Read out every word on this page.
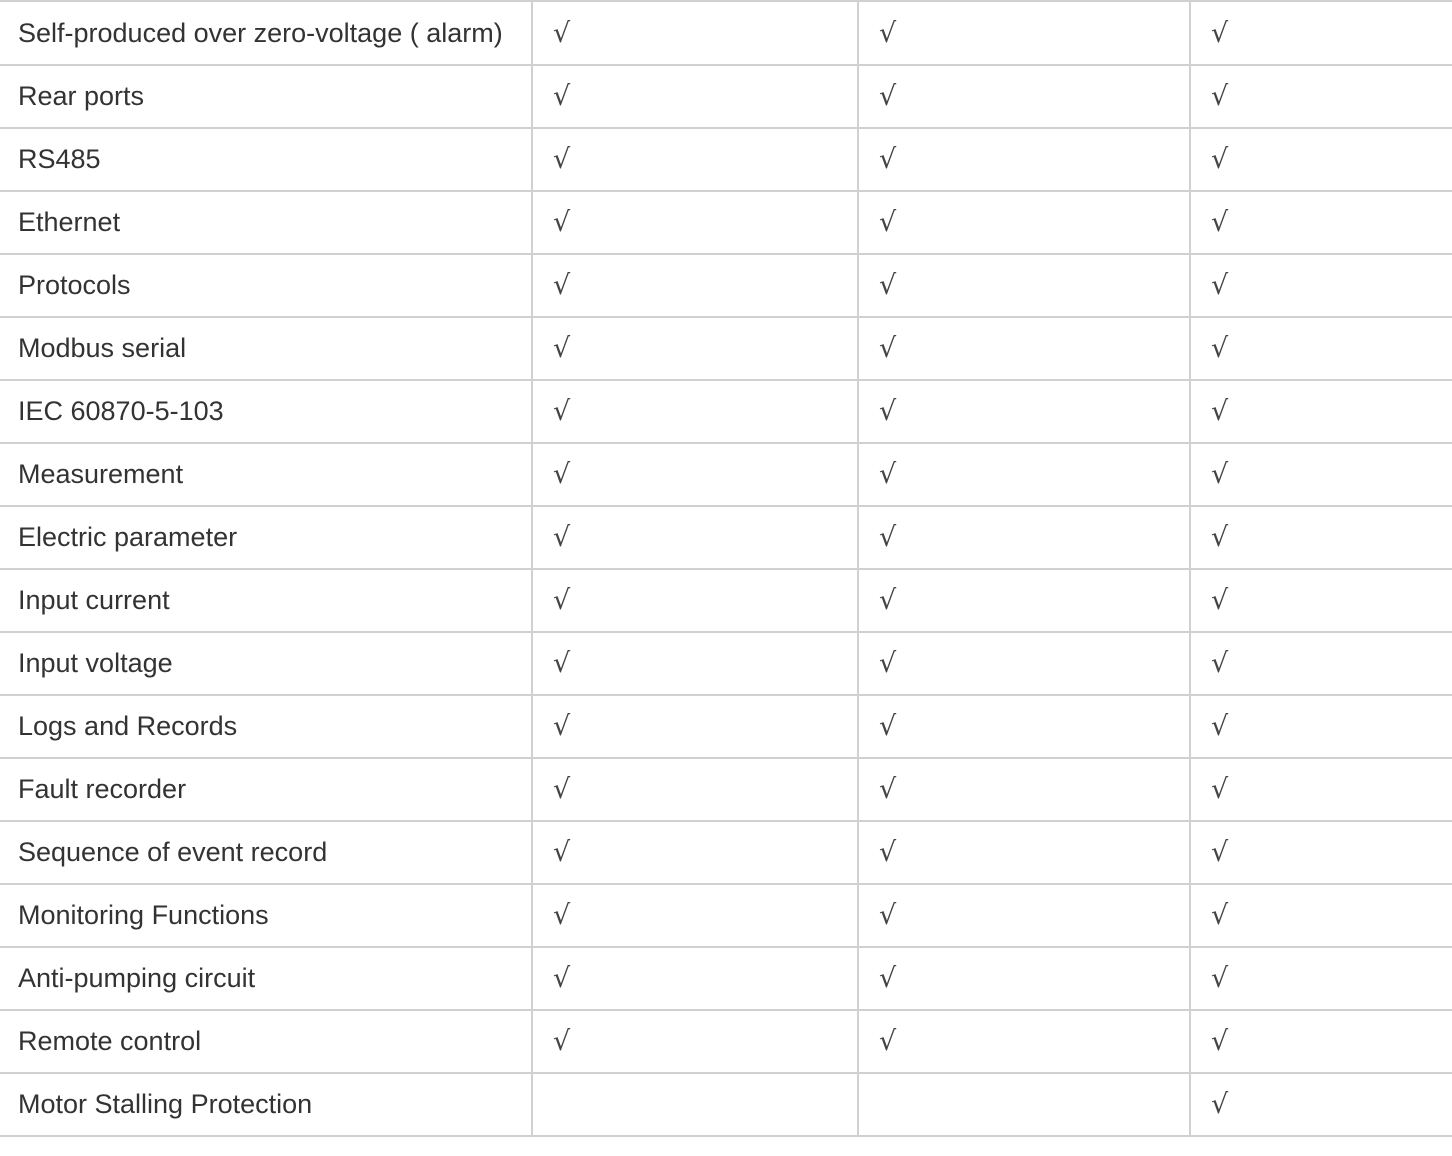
Self-produced over zero-voltage ( alarm)	√	√	√
Rear ports	√	√	√
RS485	√	√	√
Ethernet	√	√	√
Protocols	√	√	√
Modbus serial	√	√	√
IEC 60870-5-103	√	√	√
Measurement	√	√	√
Electric parameter	√	√	√
Input current	√	√	√
Input voltage	√	√	√
Logs and Records	√	√	√
Fault recorder	√	√	√
Sequence of event record	√	√	√
Monitoring Functions	√	√	√
Anti-pumping circuit	√	√	√
Remote control	√	√	√
Motor Stalling Protection			√
